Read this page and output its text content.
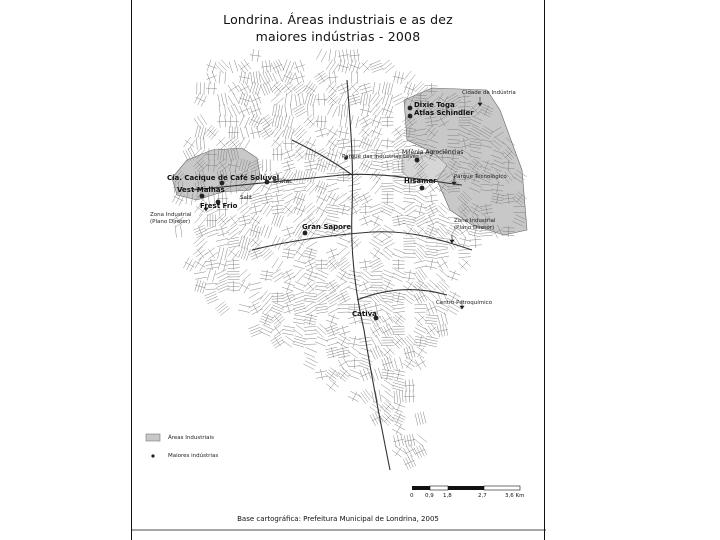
Londrina. Áreas industriais e as dez
maiores indústrias - 2008
Dixie Toga
Atlas Schindler
Milênia Agrociências
Hisamar
Cia. Cacique de Café Solúvel
Vest Malhas
Bratac
Frest Frio
Gran Sapore
Cativa
Cidade de Indústria
Parque das Indústrias Leves
Parque Tecnológico
Zona Industrial
(Plano Diretor)	Zona Industrial
(Plano Diretor)
Centro Petroquímico
Salit
Áreas Industriais
Maiores indústrias
0 0,9 1,8	2,7	3,6 Km
Base cartográfica: Prefeitura Municipal de Londrina, 2005
